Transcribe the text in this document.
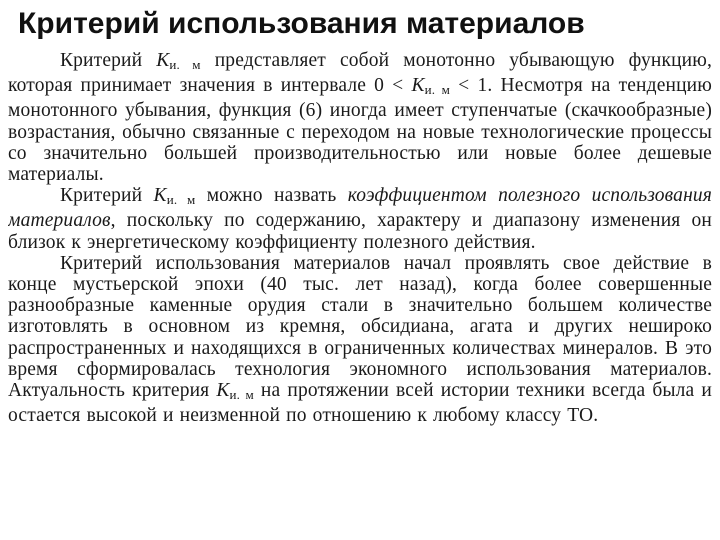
Критерий использования материалов

Критерий $K_{и. м}$ представляет собой монотонно убывающую функцию, которая принимает значения в интервале $0 < K_{и. м} < 1$. Несмотря на тенденцию монотонного убывания, функция (6) иногда имеет ступенчатые (скачкообразные) возрастания, обычно связанные с переходом на новые технологические процессы со значительно большей производительностью или новые более дешевые материалы.

Критерий $K_{и. м}$ можно назвать коэффициентом полезного использования материалов, поскольку по содержанию, характеру и диапазону изменения он близок к энергетическому коэффициенту полезного действия.

Критерий использования материалов начал проявлять свое действие в конце мустьерской эпохи (40 тыс. лет назад), когда более совершенные разнообразные каменные орудия стали в значительно большем количестве изготовлять в основном из кремня, обсидиана, агата и других нешироко распространенных и находящихся в ограниченных количествах минералов. В это время сформировалась технология экономного использования материалов. Актуальность критерия $K_{и. м}$ на протяжении всей истории техники всегда была и остается высокой и неизменной по отношению к любому классу ТО.
